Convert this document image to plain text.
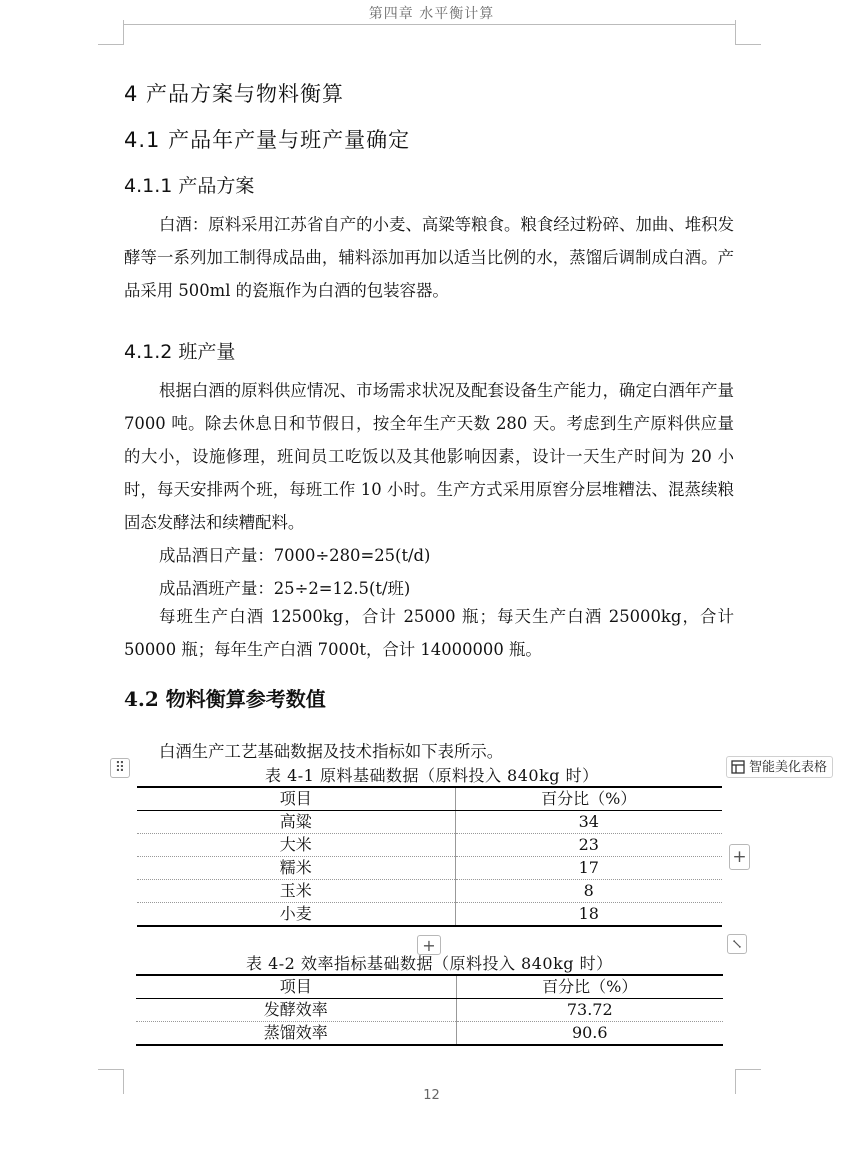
第四章 水平衡计算
4 产品方案与物料衡算
4.1 产品年产量与班产量确定
4.1.1 产品方案

白酒：原料采用江苏省自产的小麦、高粱等粮食。粮食经过粉碎、加曲、堆积发酵等一系列加工制得成品曲，辅料添加再加以适当比例的水，蒸馏后调制成白酒。产品采用 500ml 的瓷瓶作为白酒的包装容器。

4.1.2 班产量

根据白酒的原料供应情况、市场需求状况及配套设备生产能力，确定白酒年产量 7000 吨。除去休息日和节假日，按全年生产天数 280 天。考虑到生产原料供应量的大小，设施修理，班间员工吃饭以及其他影响因素，设计一天生产时间为 20 小时，每天安排两个班，每班工作 10 小时。生产方式采用原窖分层堆糟法、混蒸续粮固态发酵法和续糟配料。

成品酒日产量：7000÷280=25(t/d)

成品酒班产量：25÷2=12.5(t/班)

每班生产白酒 12500kg，合计 25000 瓶；每天生产白酒 25000kg，合计 50000 瓶；每年生产白酒 7000t，合计 14000000 瓶。

4.2 物料衡算参考数值

白酒生产工艺基础数据及技术指标如下表所示。

⠿	智能美化表格
表 4-1 原料基础数据（原料投入 840kg 时）
项目	百分比（%）
高粱	34
大米	23
糯米	17
玉米	8
小麦	18
+
+
表 4-2 效率指标基础数据（原料投入 840kg 时）
项目	百分比（%）
发酵效率	73.72
蒸馏效率	90.6
12
